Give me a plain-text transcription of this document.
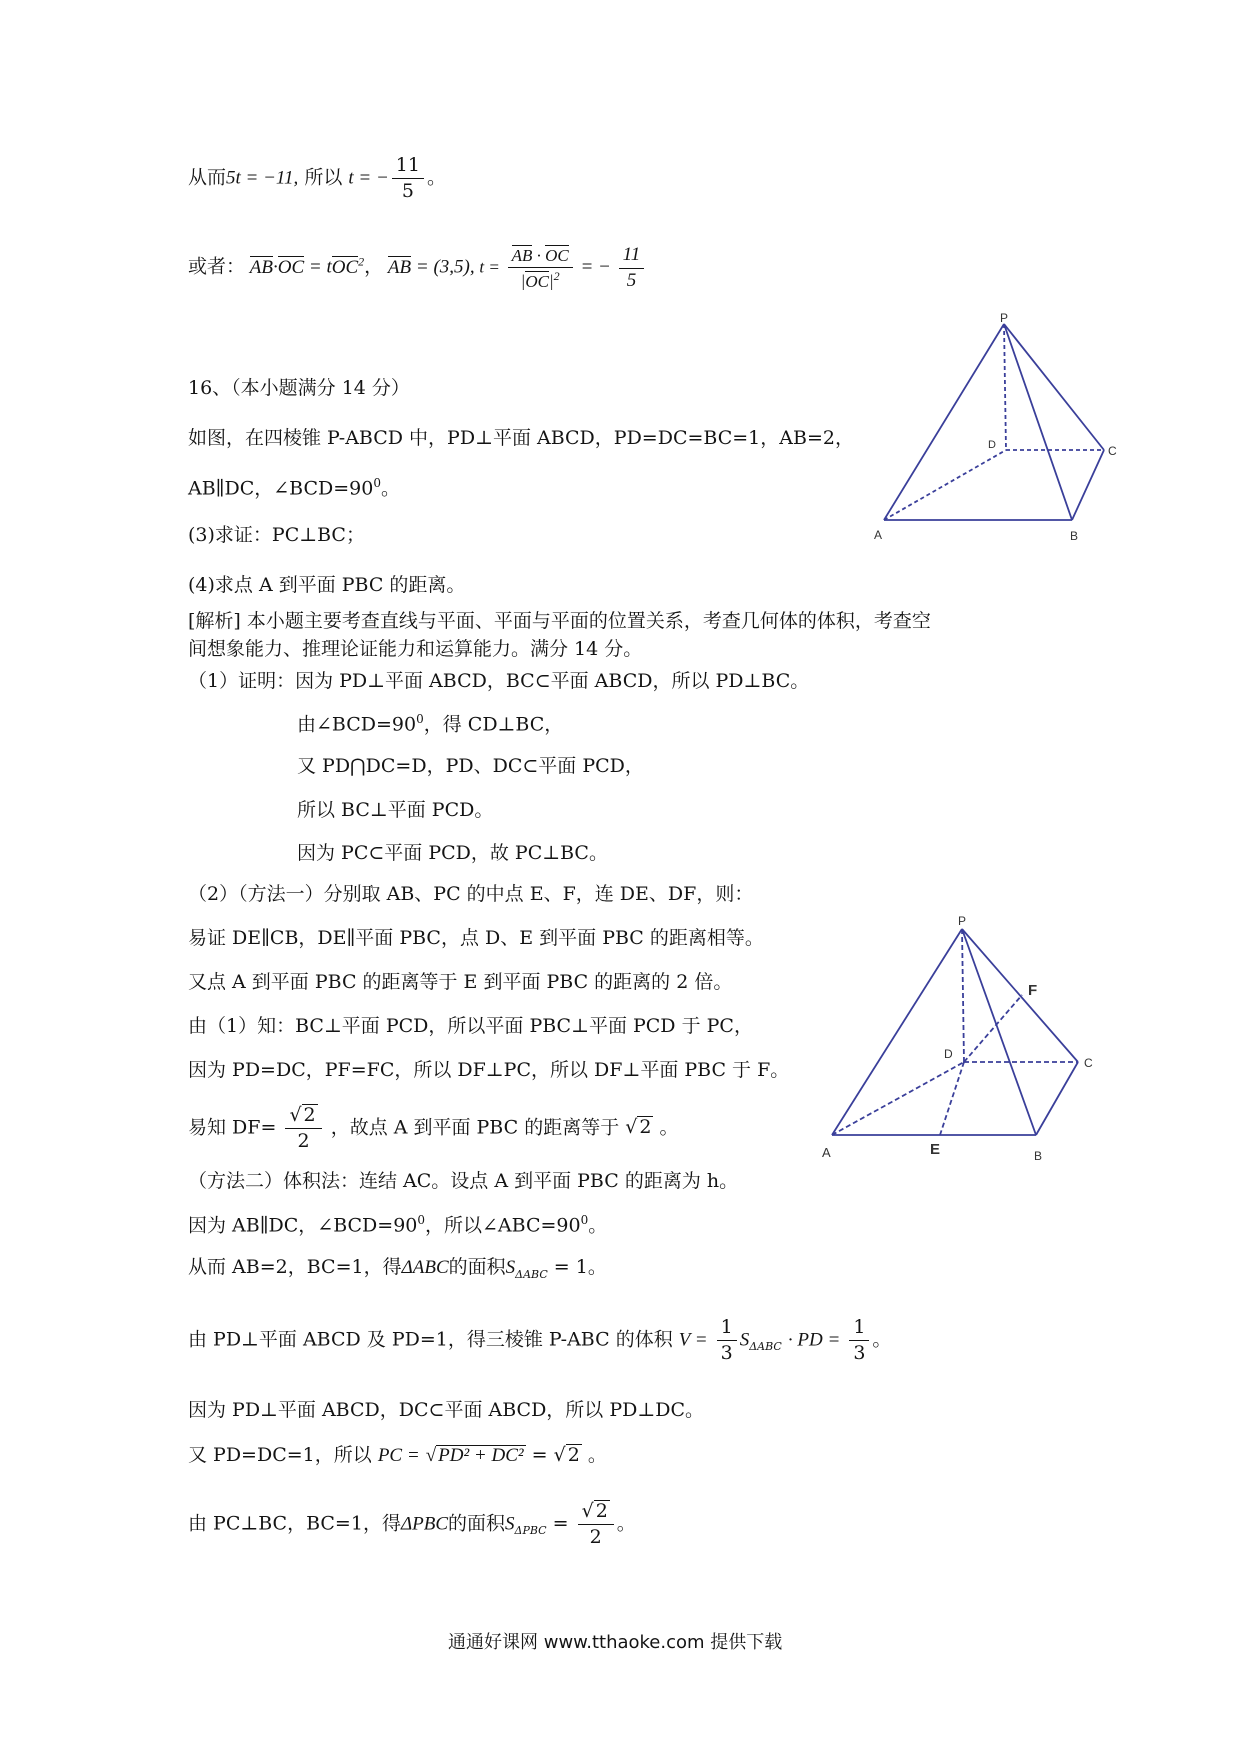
从而5t = −11, 所以 t = − $\frac{11}{5}$ 。
或者： AB·OC = tOC$^2$， AB = (3,5), $t = \frac{AB \cdot OC}{|OC|^2}$ = − $\frac{11}{5}$
P
A	B
C
D
16、（本小题满分 14 分）
如图，在四棱锥 P-ABCD 中，PD⊥平面 ABCD，PD=DC=BC=1，AB=2，
AB∥DC，$\angle BCD=90^0$。
(3)求证：PC⊥BC；
(4)求点 A 到平面 PBC 的距离。
[解析] 本小题主要考查直线与平面、平面与平面的位置关系，考查几何体的体积，考查空
间想象能力、推理论证能力和运算能力。满分 14 分。
（1）证明：因为 PD⊥平面 ABCD，BC⊂平面 ABCD，所以 PD⊥BC。
由$\angle BCD=90^0$，得 CD⊥BC，
又 PD⋂DC=D，PD、DC⊂平面 PCD，
所以 BC⊥平面 PCD。
因为 PC⊂平面 PCD，故 PC⊥BC。
P
A	B
C
D
E
F
（2）（方法一）分别取 AB、PC 的中点 E、F，连 DE、DF，则：
易证 DE∥CB，DE∥平面 PBC，点 D、E 到平面 PBC 的距离相等。
又点 A 到平面 PBC 的距离等于 E 到平面 PBC 的距离的 2 倍。
由（1）知：BC⊥平面 PCD，所以平面 PBC⊥平面 PCD 于 PC，
因为 PD=DC，PF=FC，所以 DF⊥PC，所以 DF⊥平面 PBC 于 F。
易知 $DF= \frac{√ 2}{2}$ ，故点 A 到平面 PBC 的距离等于 √ 2 。
（方法二）体积法：连结 AC。设点 A 到平面 PBC 的距离为 h。
因为 AB∥DC，$\angle BCD=90^0$，所以$\angle ABC=90^0$。
从而 AB=2，BC=1，得ΔABC的面积$S_{\Delta ABC} = 1$。
由 PD⊥平面 ABCD 及 PD=1，得三棱锥 P-ABC 的体积 $V = \frac{1}{3} S_{\Delta ABC}$ · PD = $\frac{1}{3}$ 。
因为 PD⊥平面 ABCD，DC⊂平面 ABCD，所以 PD⊥DC。
又 PD=DC=1，所以 PC = √ PD² + DC² = √ 2 。
由 PC⊥BC，BC=1，得ΔPBC的面积$S_{\Delta PBC} = \frac{√ 2}{2}$ 。
通通好课网 www.tthaoke.com 提供下载
